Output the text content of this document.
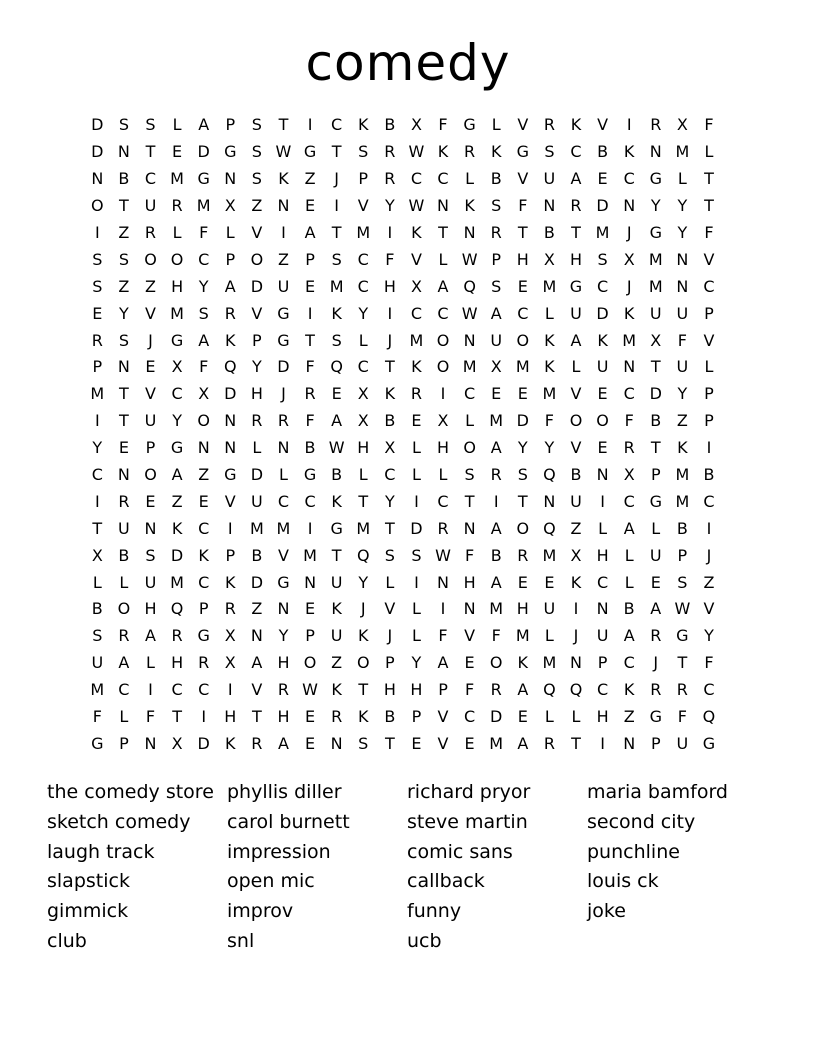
comedy
D S	S	L	A	P	S	T	I	C K B X	F G L	V R K V	I	R X	F
D N T	E D G S W G T	S R W K R K G S C B K N M L
N B C M G N S	K Z	J	P	R C C	L	B V U A	E C G L	T
O T U R M X Z N E	I	V	Y W N K	S	F	N R D N Y	Y	T
I	Z R	L	F	L	V	I	A	T M	I	K	T N R	T	B	T M	J	G Y	F
S	S O O C	P O Z	P	S C	F	V	L W P H X H S	X M N V
S	Z Z H Y	A D U E M C H X A Q S	E M G C	J	M N C
E	Y	V M S R V G	I	K	Y	I	C C W A C	L	U D K U U P
R S	J	G A K	P G T	S	L	J	M O N U O K A K M X	F	V
P N E	X	F Q Y D F Q C	T	K O M X M K	L	U N T U	L
M T	V C X D H	J	R E	X K R	I	C E	E M V	E C D Y	P
I	T U Y O N R R	F	A X B	E	X	L M D F O O F	B Z	P
Y	E	P G N N	L	N B W H X	L	H O A	Y	Y	V	E R	T	K	I
C N O A Z G D L G B	L	C	L	L	S R S Q B N X	P M B
I	R E	Z	E	V U C C K	T	Y	I	C	T	I	T N U	I	C G M C
T U N K C	I	M M	I	G M T D R N A O Q Z	L	A	L	B	I
X B	S D K	P	B V M T Q S	S W F	B R M X H	L	U P	J
L	L	U M C K D G N U Y	L	I	N H A	E	E	K C	L	E	S	Z
B O H Q P	R Z N E	K	J	V	L	I	N M H U	I	N B A W V
S R A R G X N Y	P U K	J	L	F	V	F M L	J	U A R G Y
U A	L	H R X A H O Z O P	Y	A	E O K M N P	C	J	T	F
M C	I	C C	I	V R W K	T H H P	F	R A Q Q C K R R C
F	L	F	T	I	H T H E R K B	P	V C D E	L	L	H Z G F Q
G P N X D K R A	E N S	T	E	V	E M A R	T	I	N P U G
the comedy store
sketch comedy
laugh track
slapstick
gimmick
club
phyllis diller
carol burnett
impression
open mic
improv
snl
richard pryor
steve martin
comic sans
callback
funny
ucb
maria bamford
second city
punchline
louis ck
joke
